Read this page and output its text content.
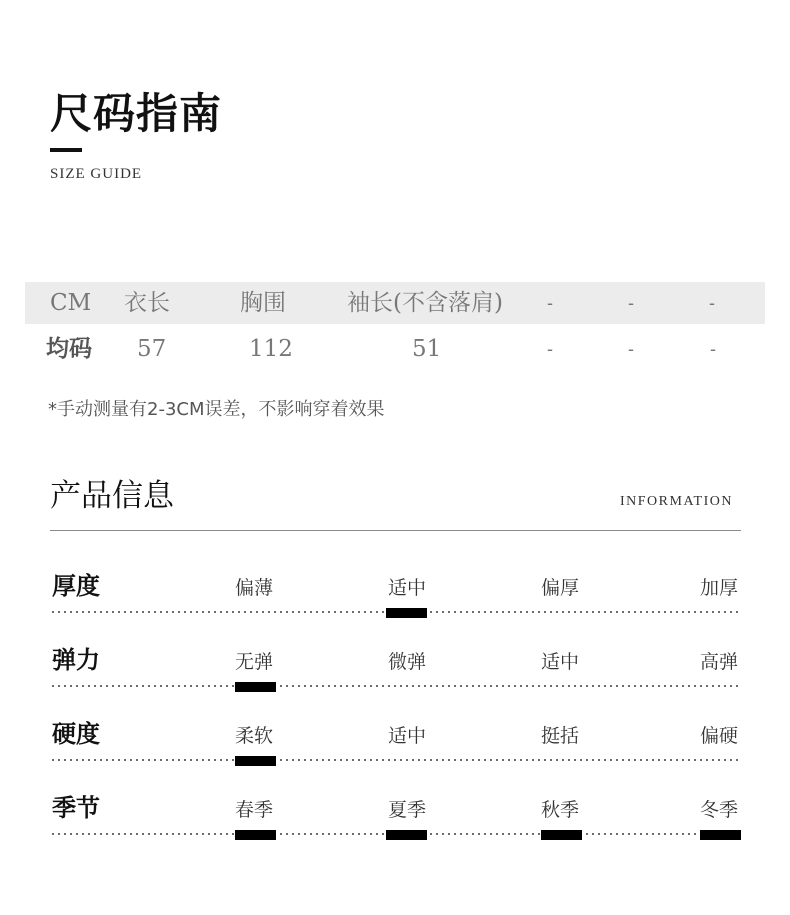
尺码指南
SIZE GUIDE
CM 衣长	胸围	袖长(不含落肩) -	-	-
均码 57	112	51	-	-	-
*手动测量有2-3CM误差，不影响穿着效果
产品信息	INFORMATION
厚度	偏薄	适中	偏厚	加厚
弹力	无弹	微弹	适中	高弹
硬度	柔软	适中	挺括	偏硬
季节	春季	夏季	秋季	冬季
